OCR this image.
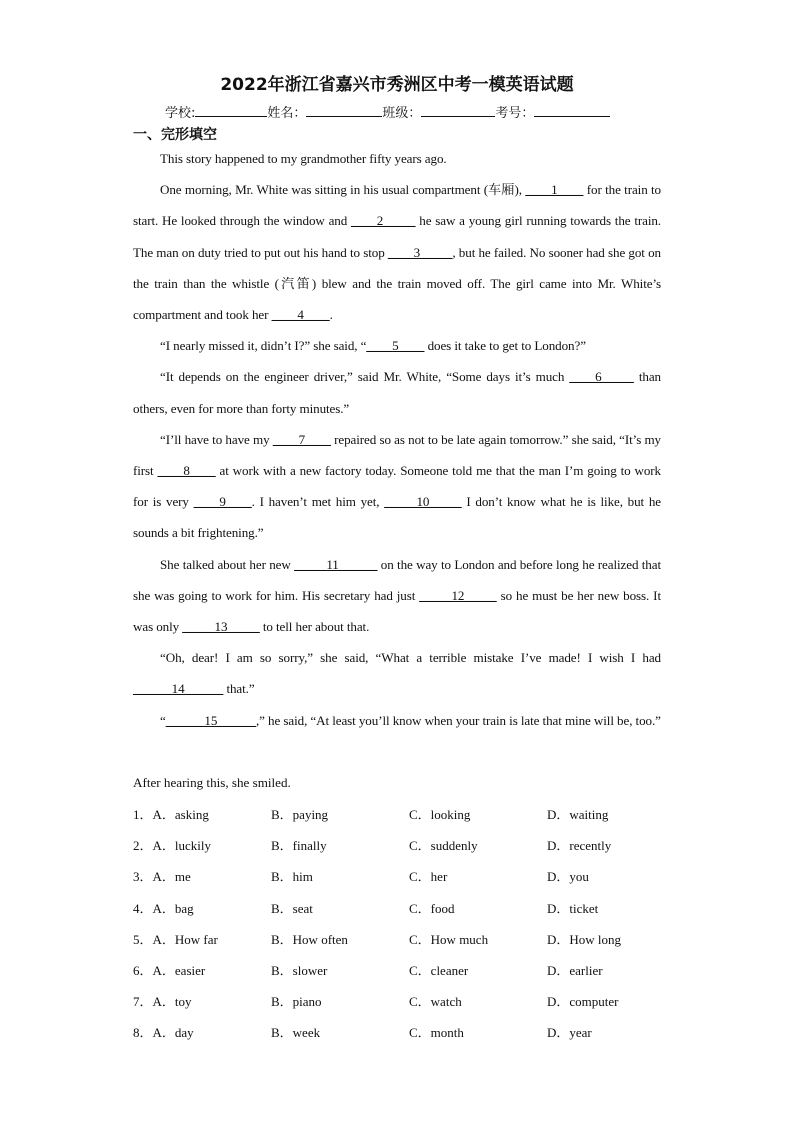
2022年浙江省嘉兴市秀洲区中考一模英语试题
学校:	姓名：	班级：	考号：
一、完形填空

This story happened to my grandmother fifty years ago.

One morning, Mr. White was sitting in his usual compartment (车厢), ____1____ for the train to start. He looked through the window and ____2_____ he saw a young girl running towards the train. The man on duty tried to put out his hand to stop ____3_____, but he failed. No sooner had she got on the train than the whistle (汽笛) blew and the train moved off. The girl came into Mr. White’s compartment and took her ____4____.

“I nearly missed it, didn’t I?” she said, “____5____ does it take to get to London?”

“It depends on the engineer driver,” said Mr. White, “Some days it’s much ____6_____ than others, even for more than forty minutes.”

“I’ll have to have my ____7____ repaired so as not to be late again tomorrow.” she said, “It’s my first ____8____ at work with a new factory today. Someone told me that the man I’m going to work for is very ____9____. I haven’t met him yet, _____10_____ I don’t know what he is like, but he sounds a bit frightening.”

She talked about her new _____11______ on the way to London and before long he realized that she was going to work for him. His secretary had just _____12_____ so he must be her new boss. It was only _____13_____ to tell her about that.

“Oh, dear! I am so sorry,” she said, “What a terrible mistake I’ve made! I wish I had ______14______ that.”

“______15______,” he said, “At least you’ll know when your train is late that mine will be, too.”

After hearing this, she smiled.
1．A．asking	B．paying	C．looking	D．waiting
2．A．luckily	B．finally	C．suddenly	D．recently
3．A．me	B．him	C．her	D．you
4．A．bag	B．seat	C．food	D．ticket
5．A．How far	B．How often	C．How much	D．How long
6．A．easier	B．slower	C．cleaner	D．earlier
7．A．toy	B．piano	C．watch	D．computer
8．A．day	B．week	C．month	D．year
